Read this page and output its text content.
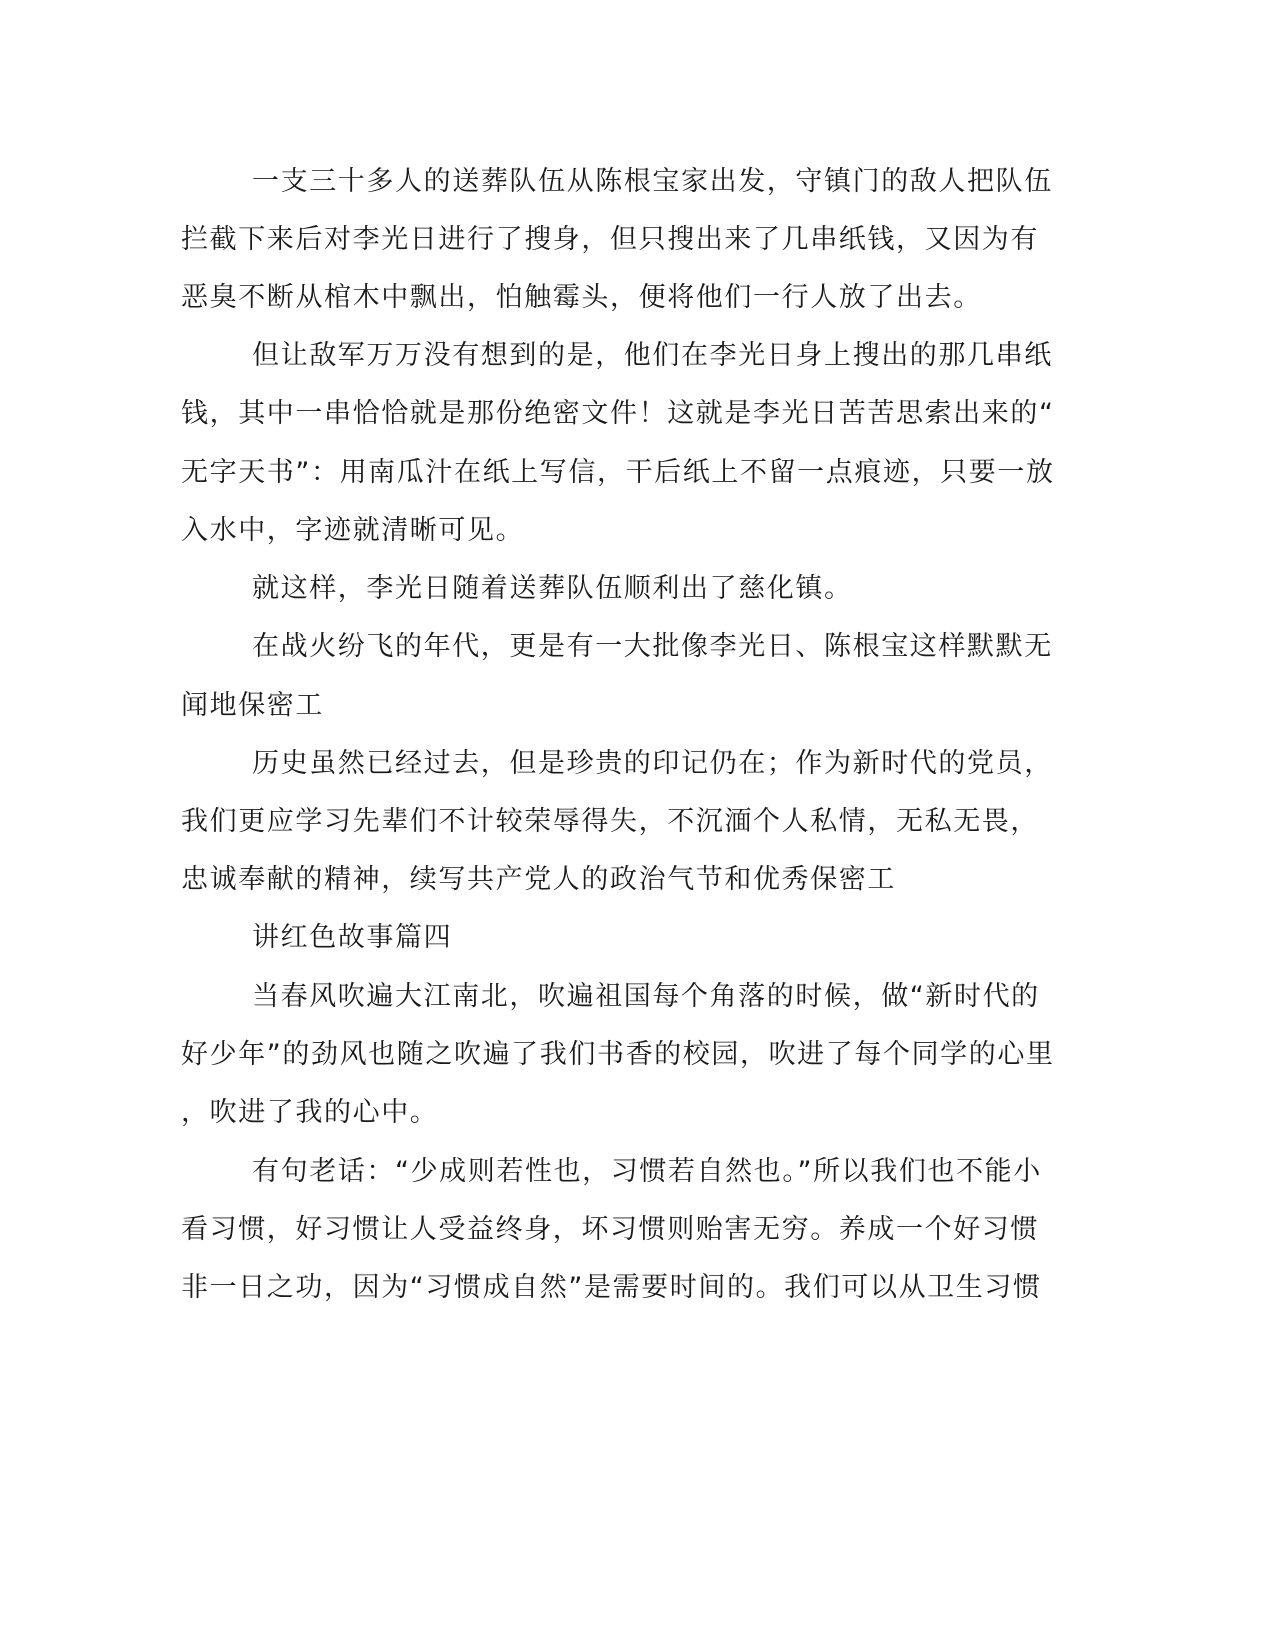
一支三十多人的送葬队伍从陈根宝家出发，守镇门的敌人把队伍
拦截下来后对李光日进行了搜身，但只搜出来了几串纸钱，又因为有
恶臭不断从棺木中飘出，怕触霉头，便将他们一行人放了出去。
但让敌军万万没有想到的是，他们在李光日身上搜出的那几串纸
钱，其中一串恰恰就是那份绝密文件！这就是李光日苦苦思索出来的“
无字天书”：用南瓜汁在纸上写信，干后纸上不留一点痕迹，只要一放
入水中，字迹就清晰可见。
就这样，李光日随着送葬队伍顺利出了慈化镇。
在战火纷飞的年代，更是有一大批像李光日、陈根宝这样默默无
闻地保密工
历史虽然已经过去，但是珍贵的印记仍在；作为新时代的党员，
我们更应学习先辈们不计较荣辱得失，不沉湎个人私情，无私无畏，
忠诚奉献的精神，续写共产党人的政治气节和优秀保密工
讲红色故事篇四
当春风吹遍大江南北，吹遍祖国每个角落的时候，做“新时代的
好少年”的劲风也随之吹遍了我们书香的校园，吹进了每个同学的心里
，吹进了我的心中。
有句老话：“少成则若性也，习惯若自然也。”所以我们也不能小
看习惯，好习惯让人受益终身，坏习惯则贻害无穷。养成一个好习惯
非一日之功，因为“习惯成自然”是需要时间的。我们可以从卫生习惯
